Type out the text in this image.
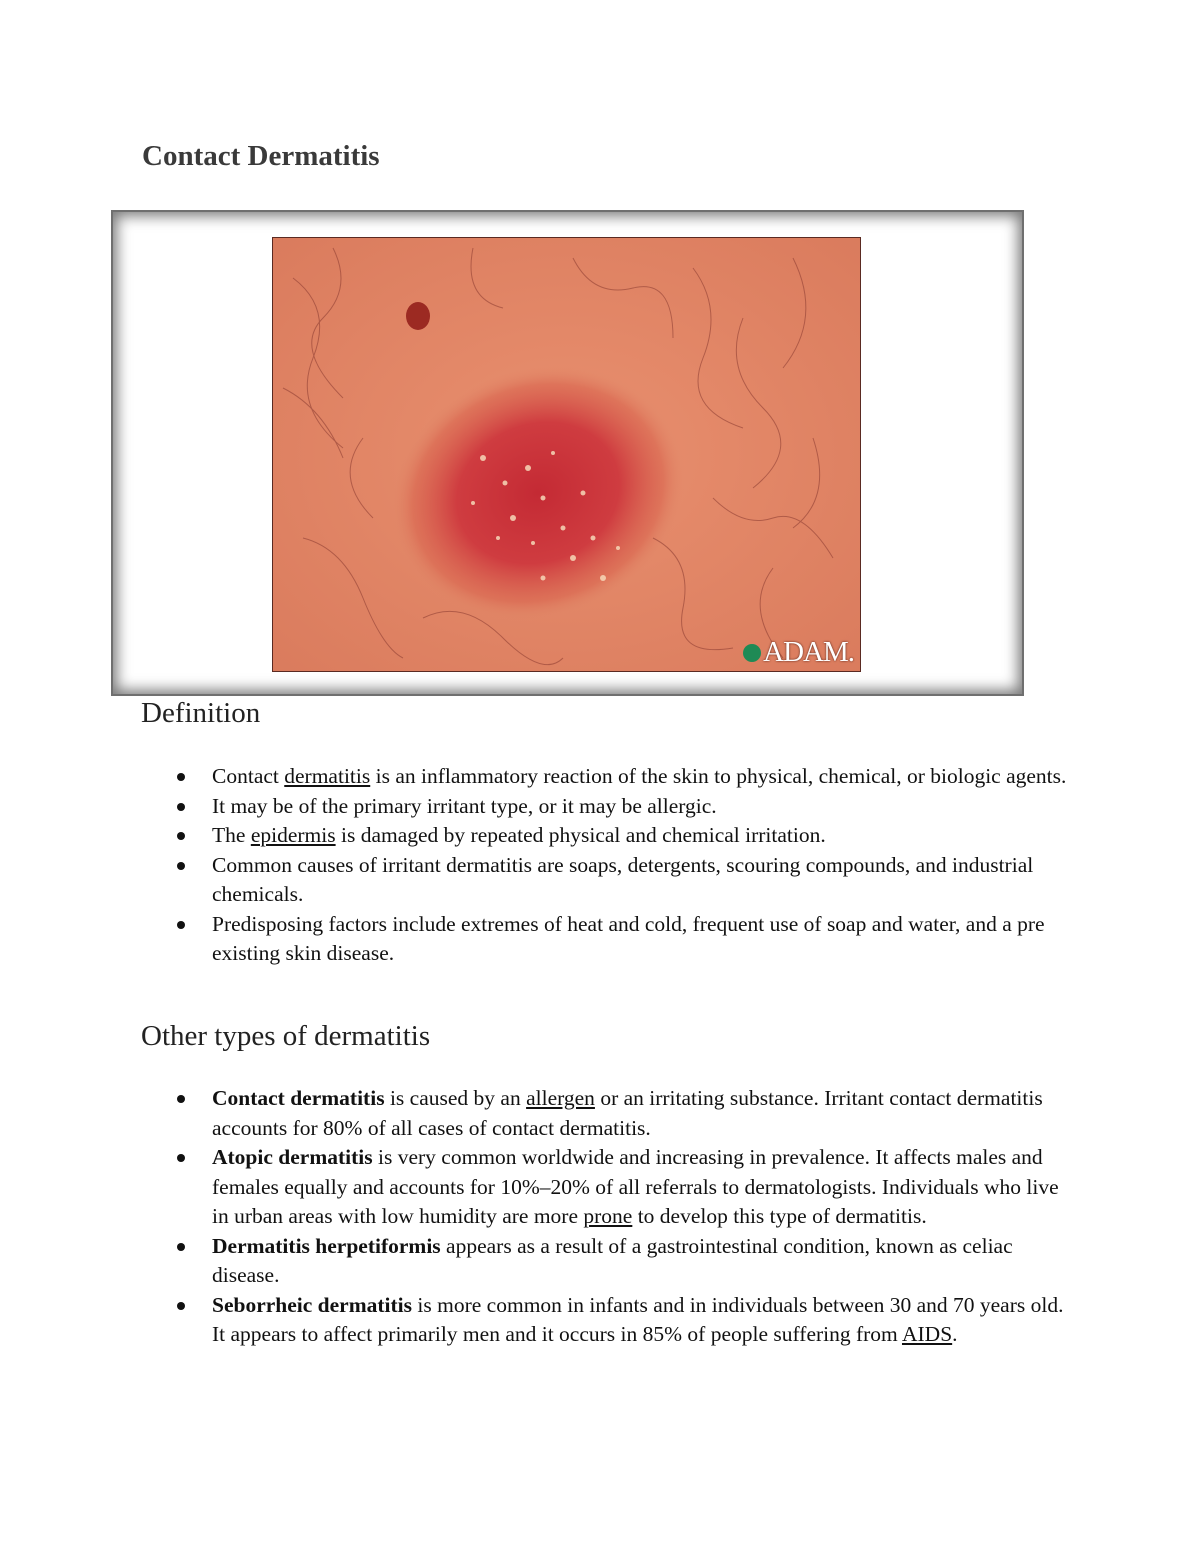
Contact Dermatitis
ADAM.
Definition
Contact dermatitis is an inflammatory reaction of the skin to physical, chemical, or biologic agents.
It may be of the primary irritant type, or it may be allergic.
The epidermis is damaged by repeated physical and chemical irritation.
Common causes of irritant dermatitis are soaps, detergents, scouring compounds, and industrial chemicals.
Predisposing factors include extremes of heat and cold, frequent use of soap and water, and a pre existing skin disease.
Other types of dermatitis
Contact dermatitis is caused by an allergen or an irritating substance. Irritant contact dermatitis accounts for 80% of all cases of contact dermatitis.
Atopic dermatitis is very common worldwide and increasing in prevalence. It affects males and females equally and accounts for 10%–20% of all referrals to dermatologists. Individuals who live in urban areas with low humidity are more prone to develop this type of dermatitis.
Dermatitis herpetiformis appears as a result of a gastrointestinal condition, known as celiac disease.
Seborrheic dermatitis is more common in infants and in individuals between 30 and 70 years old. It appears to affect primarily men and it occurs in 85% of people suffering from AIDS.
